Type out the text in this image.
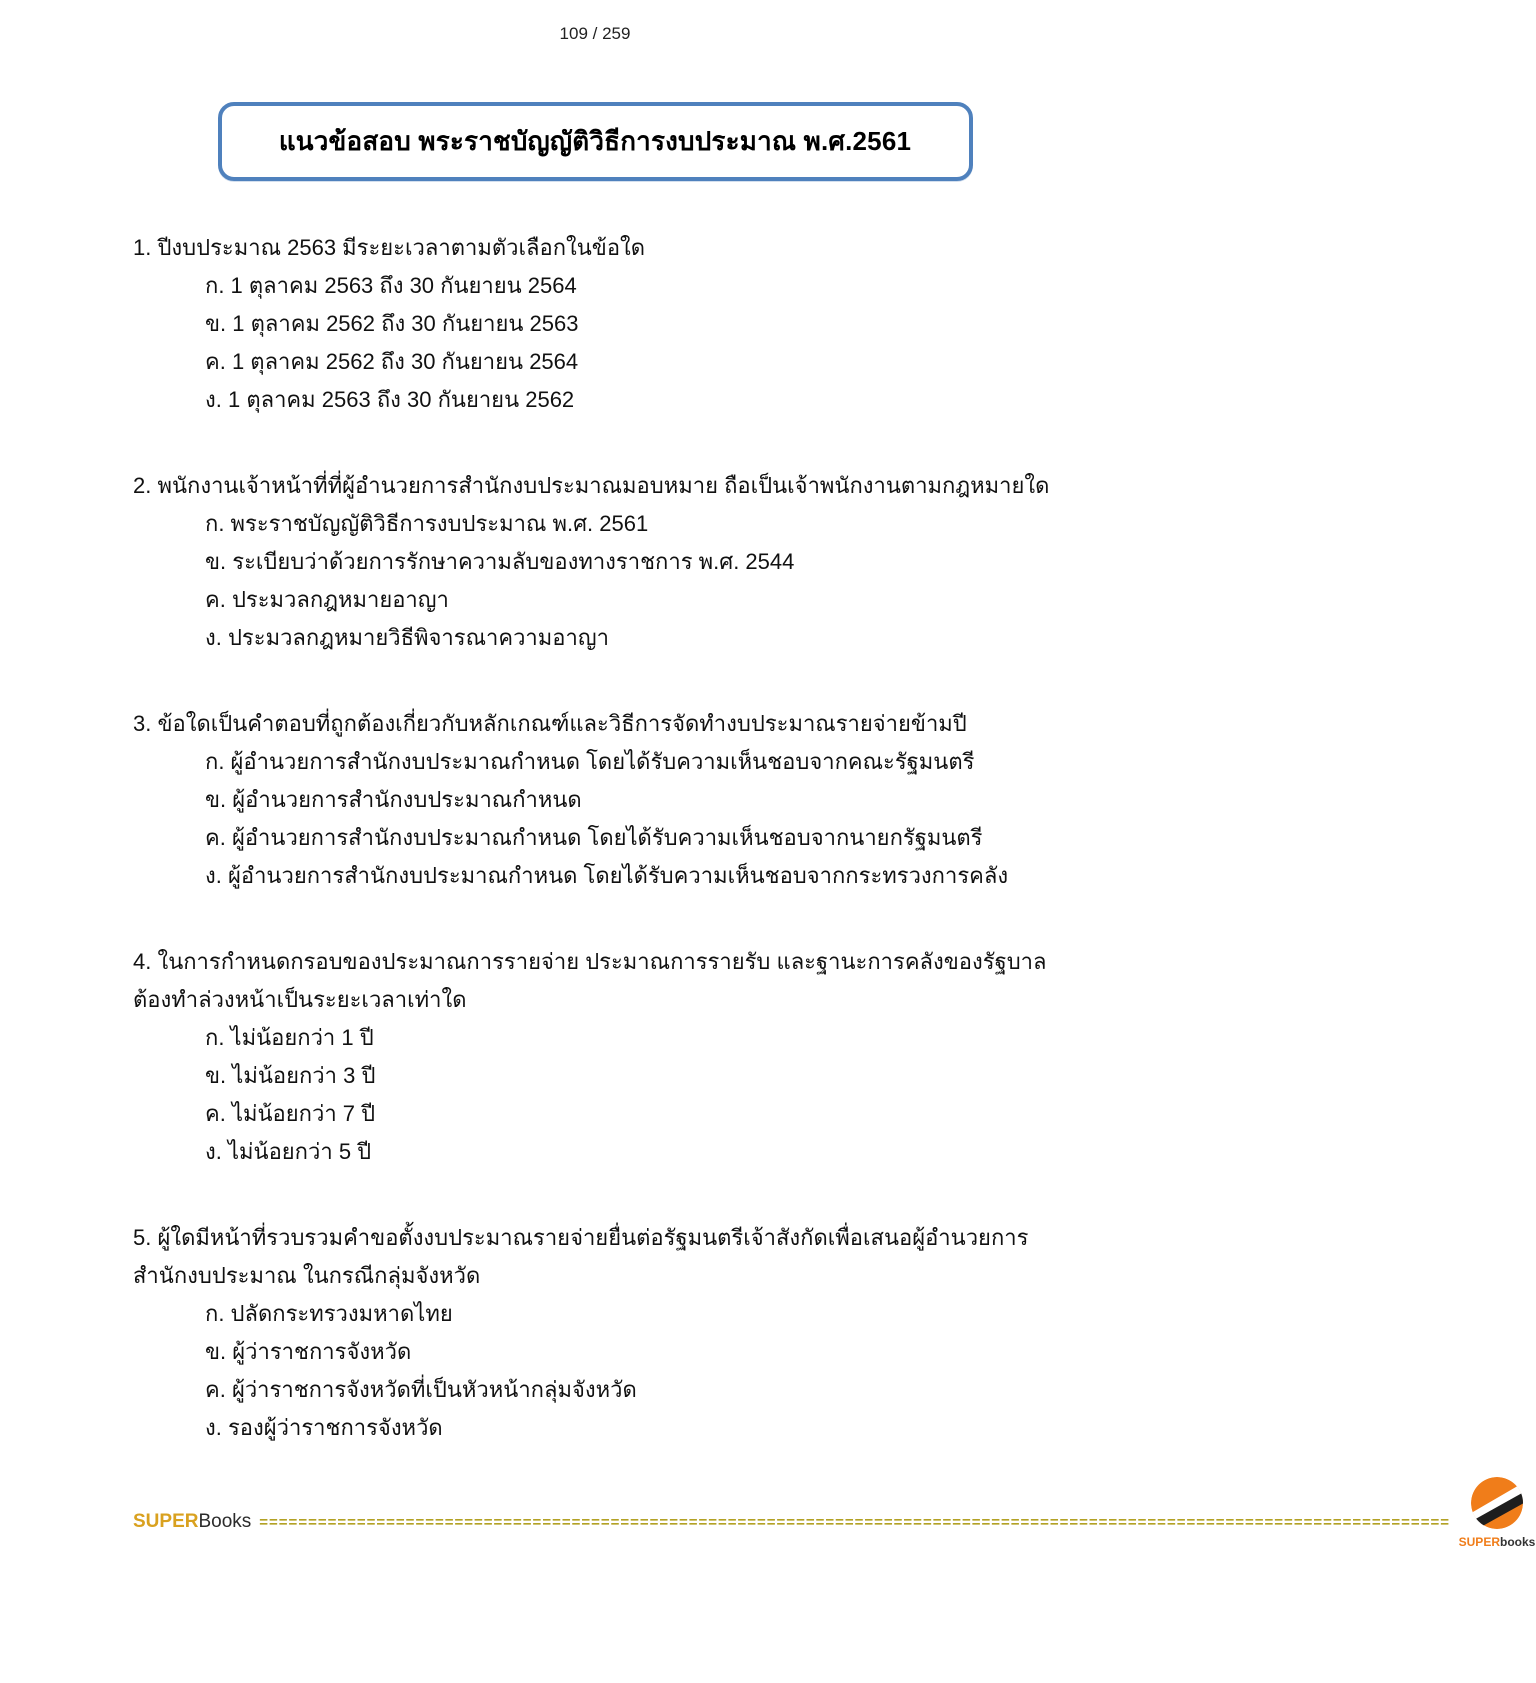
109 / 259
แนวข้อสอบ พระราชบัญญัติวิธีการงบประมาณ พ.ศ.2561

1. ปีงบประมาณ 2563 มีระยะเวลาตามตัวเลือกในข้อใด

ก. 1 ตุลาคม 2563 ถึง 30 กันยายน 2564

ข. 1 ตุลาคม 2562 ถึง 30 กันยายน 2563

ค. 1 ตุลาคม 2562 ถึง 30 กันยายน 2564

ง. 1 ตุลาคม 2563 ถึง 30 กันยายน 2562

2. พนักงานเจ้าหน้าที่ที่ผู้อำนวยการสำนักงบประมาณมอบหมาย ถือเป็นเจ้าพนักงานตามกฎหมายใด

ก. พระราชบัญญัติวิธีการงบประมาณ พ.ศ. 2561

ข. ระเบียบว่าด้วยการรักษาความลับของทางราชการ พ.ศ. 2544

ค. ประมวลกฎหมายอาญา

ง. ประมวลกฎหมายวิธีพิจารณาความอาญา

3. ข้อใดเป็นคำตอบที่ถูกต้องเกี่ยวกับหลักเกณฑ์และวิธีการจัดทำงบประมาณรายจ่ายข้ามปี

ก. ผู้อำนวยการสำนักงบประมาณกำหนด โดยได้รับความเห็นชอบจากคณะรัฐมนตรี

ข. ผู้อำนวยการสำนักงบประมาณกำหนด

ค. ผู้อำนวยการสำนักงบประมาณกำหนด โดยได้รับความเห็นชอบจากนายกรัฐมนตรี

ง. ผู้อำนวยการสำนักงบประมาณกำหนด โดยได้รับความเห็นชอบจากกระทรวงการคลัง

4. ในการกำหนดกรอบของประมาณการรายจ่าย ประมาณการรายรับ และฐานะการคลังของรัฐบาล ต้องทำล่วงหน้าเป็นระยะเวลาเท่าใด

ก. ไม่น้อยกว่า 1 ปี

ข. ไม่น้อยกว่า 3 ปี

ค. ไม่น้อยกว่า 7 ปี

ง. ไม่น้อยกว่า 5 ปี

5. ผู้ใดมีหน้าที่รวบรวมคำขอตั้งงบประมาณรายจ่ายยื่นต่อรัฐมนตรีเจ้าสังกัดเพื่อเสนอผู้อำนวยการสำนักงบประมาณ ในกรณีกลุ่มจังหวัด

ก. ปลัดกระทรวงมหาดไทย

ข. ผู้ว่าราชการจังหวัด

ค. ผู้ว่าราชการจังหวัดที่เป็นหัวหน้ากลุ่มจังหวัด

ง. รองผู้ว่าราชการจังหวัด

SUPERBooks ==========================================================================================================================
SUPERbooks
